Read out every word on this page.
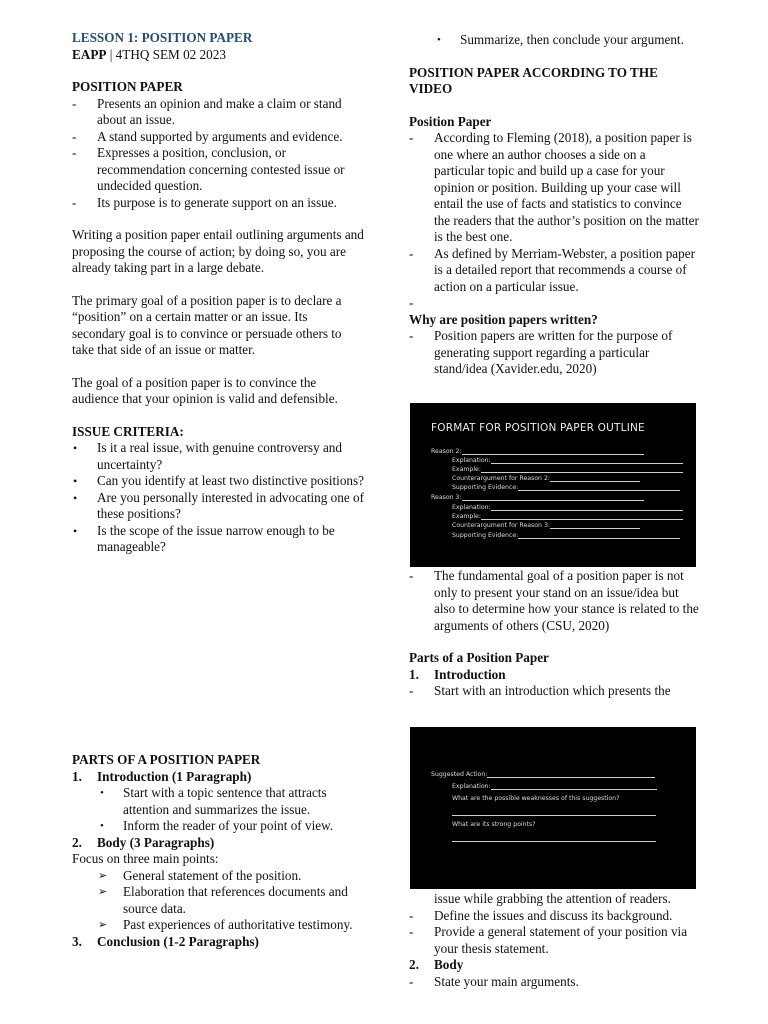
LESSON 1: POSITION PAPER
EAPP | 4THQ SEM 02 2023
POSITION PAPER
- Presents an opinion and make a claim or stand about an issue.
- A stand supported by arguments and evidence.
- Expresses a position, conclusion, or recommendation concerning contested issue or undecided question.
- Its purpose is to generate support on an issue.
Writing a position paper entail outlining arguments and proposing the course of action; by doing so, you are already taking part in a large debate.
The primary goal of a position paper is to declare a “position” on a certain matter or an issue. Its secondary goal is to convince or persuade others to take that side of an issue or matter.
The goal of a position paper is to convince the audience that your opinion is valid and defensible.
ISSUE CRITERIA:
• Is it a real issue, with genuine controversy and uncertainty?
• Can you identify at least two distinctive positions?
• Are you personally interested in advocating one of these positions?
• Is the scope of the issue narrow enough to be manageable?
PARTS OF A POSITION PAPER
1. Introduction (1 Paragraph)
• Start with a topic sentence that attracts attention and summarizes the issue.
• Inform the reader of your point of view.
2. Body (3 Paragraphs)
Focus on three main points:
➢ General statement of the position.
➢ Elaboration that references documents and source data.
➢ Past experiences of authoritative testimony.
3. Conclusion (1-2 Paragraphs)
• Summarize, then conclude your argument.
POSITION PAPER ACCORDING TO THE VIDEO
Position Paper
- According to Fleming (2018), a position paper is one where an author chooses a side on a particular topic and build up a case for your opinion or position. Building up your case will entail the use of facts and statistics to convince the readers that the author’s position on the matter is the best one.
- As defined by Merriam-Webster, a position paper is a detailed report that recommends a course of action on a particular issue.
-
Why are position papers written?
- Position papers are written for the purpose of generating support regarding a particular stand/idea (Xavider.edu, 2020)
- The fundamental goal of a position paper is not only to present your stand on an issue/idea but also to determine how your stance is related to the arguments of others (CSU, 2020)
Parts of a Position Paper
1. Introduction
- Start with an introduction which presents the
issue while grabbing the attention of readers.
- Define the issues and discuss its background.
- Provide a general statement of your position via your thesis statement.
2. Body
- State your main arguments.
FORMAT FOR POSITION PAPER OUTLINE
Reason 2:
Explanation:
Example:
Counterargument for Reason 2:
Supporting Evidence:
Reason 3:
Explanation:
Example:
Counterargument for Reason 3:
Supporting Evidence:
Suggested Action:
Explanation:
What are the possible weaknesses of this suggestion?
What are its strong points?
